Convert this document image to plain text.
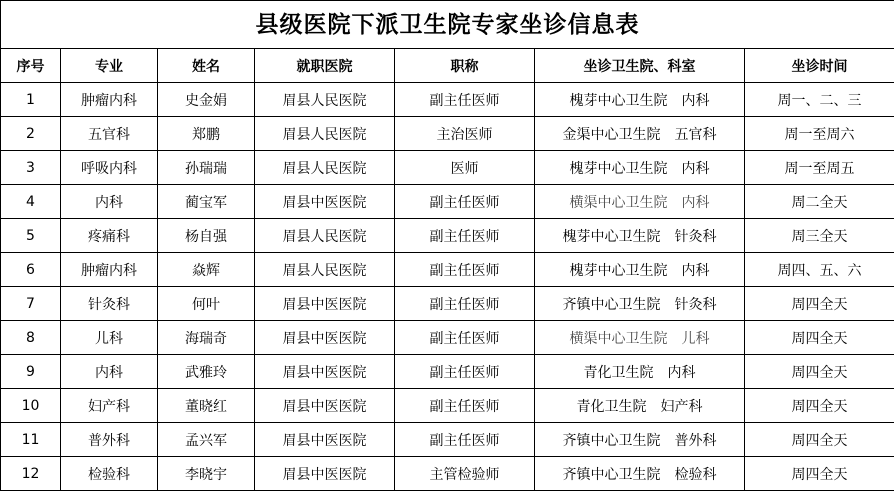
县级医院下派卫生院专家坐诊信息表
序号	专业	姓名	就职医院	职称	坐诊卫生院、科室	坐诊时间
1	肿瘤内科	史金娟	眉县人民医院	副主任医师	槐芽中心卫生院　内科	周一、二、三
2	五官科	郑鹏	眉县人民医院	主治医师	金渠中心卫生院　五官科	周一至周六
3	呼吸内科	孙瑞瑞	眉县人民医院	医师	槐芽中心卫生院　内科	周一至周五
4	内科	蔺宝军	眉县中医医院	副主任医师	横渠中心卫生院　内科	周二全天
5	疼痛科	杨自强	眉县人民医院	副主任医师	槐芽中心卫生院　针灸科	周三全天
6	肿瘤内科	焱辉	眉县人民医院	副主任医师	槐芽中心卫生院　内科	周四、五、六
7	针灸科	何叶	眉县中医医院	副主任医师	齐镇中心卫生院　针灸科	周四全天
8	儿科	海瑞奇	眉县中医医院	副主任医师	横渠中心卫生院　儿科	周四全天
9	内科	武雅玲	眉县中医医院	副主任医师	青化卫生院　内科	周四全天
10	妇产科	董晓红	眉县中医医院	副主任医师	青化卫生院　妇产科	周四全天
11	普外科	孟兴军	眉县中医医院	副主任医师	齐镇中心卫生院　普外科	周四全天
12	检验科	李晓宇	眉县中医医院	主管检验师	齐镇中心卫生院　检验科	周四全天
